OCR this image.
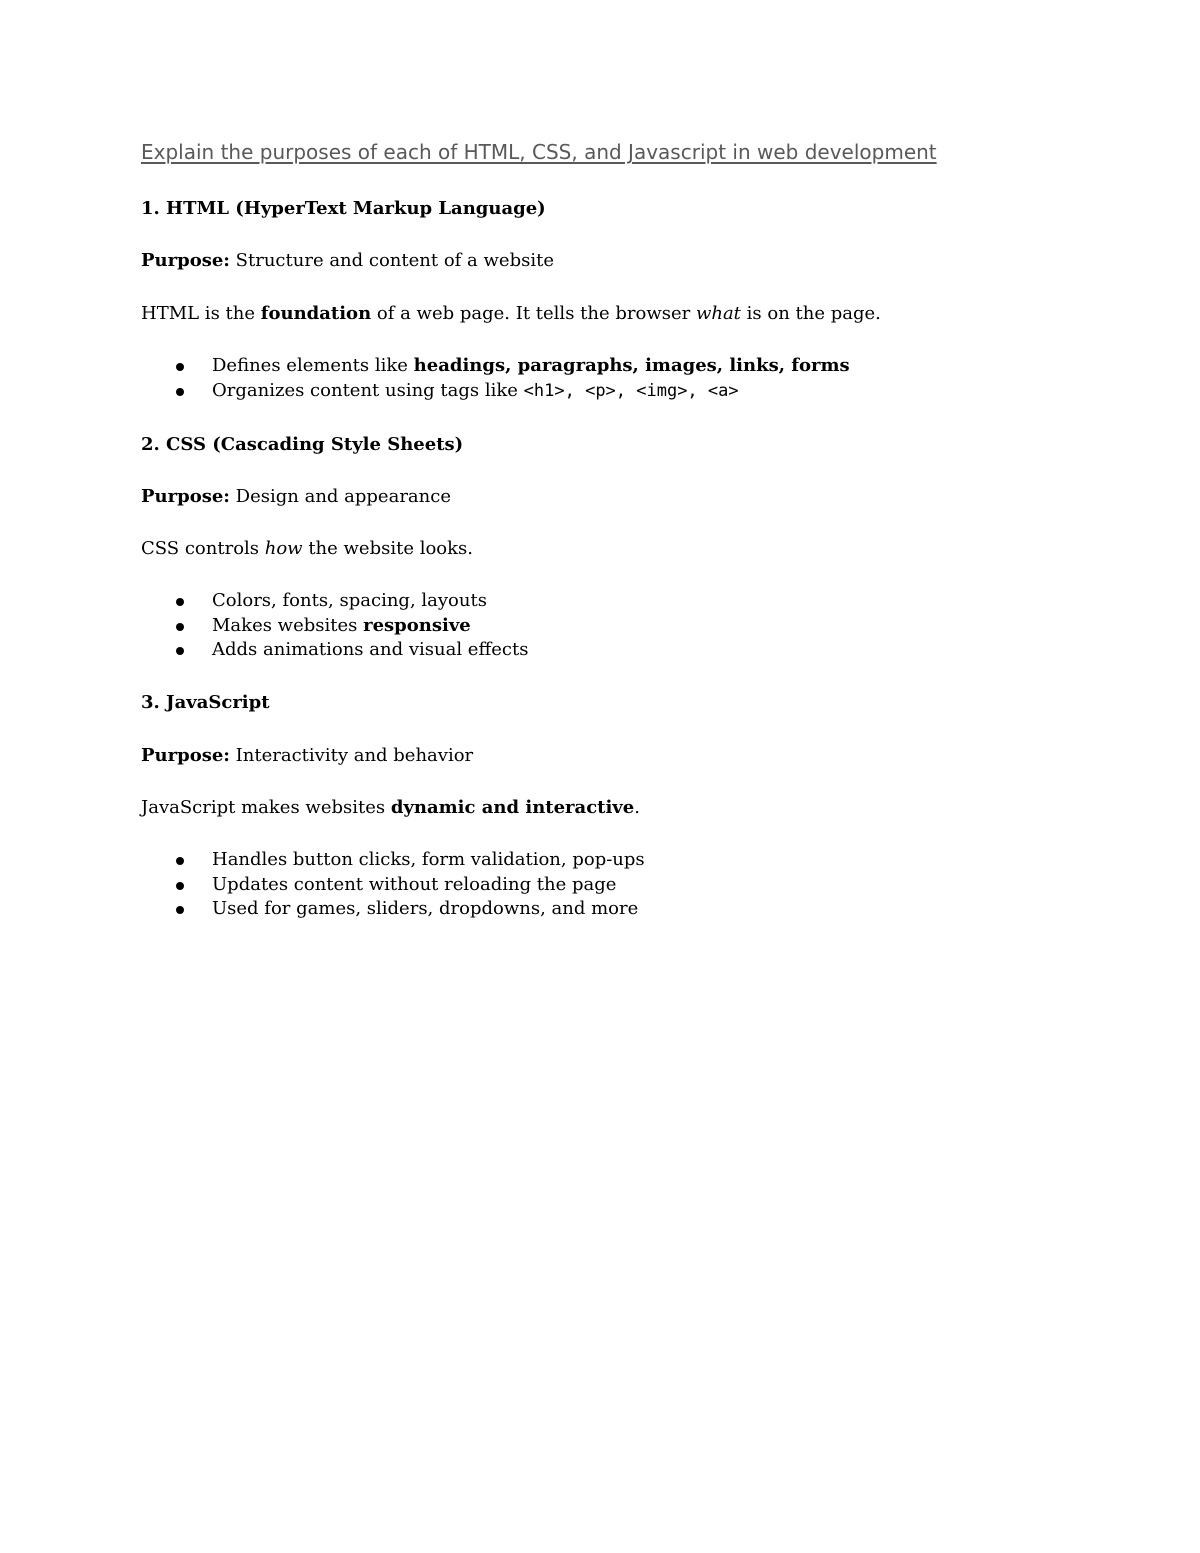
Explain the purposes of each of HTML, CSS, and Javascript in web development

1. HTML (HyperText Markup Language)

Purpose: Structure and content of a website

HTML is the foundation of a web page. It tells the browser what is on the page.

Defines elements like headings, paragraphs, images, links, forms
Organizes content using tags like <h1>, <p>, <img>, <a>

2. CSS (Cascading Style Sheets)

Purpose: Design and appearance

CSS controls how the website looks.

Colors, fonts, spacing, layouts
Makes websites responsive
Adds animations and visual effects

3. JavaScript

Purpose: Interactivity and behavior

JavaScript makes websites dynamic and interactive.

Handles button clicks, form validation, pop-ups
Updates content without reloading the page
Used for games, sliders, dropdowns, and more
